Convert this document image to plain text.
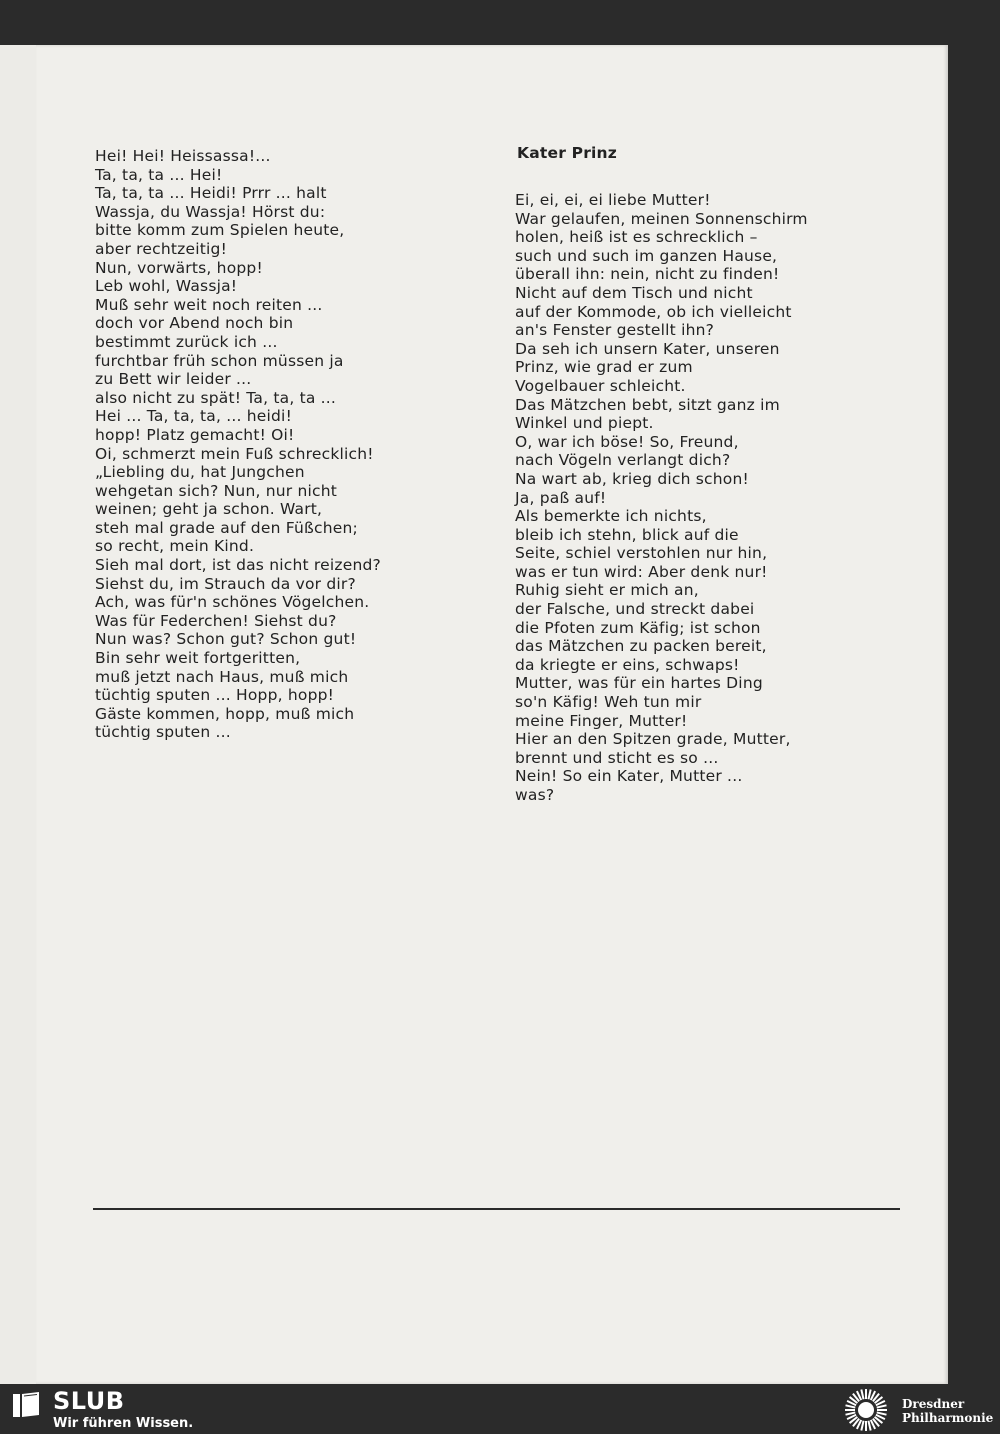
Hei! Hei! Heissassa!...
Ta, ta, ta ... Hei!
Ta, ta, ta ... Heidi! Prrr ... halt
Wassja, du Wassja! Hörst du:
bitte komm zum Spielen heute,
aber rechtzeitig!
Nun, vorwärts, hopp!
Leb wohl, Wassja!
Muß sehr weit noch reiten ...
doch vor Abend noch bin
bestimmt zurück ich ...
furchtbar früh schon müssen ja
zu Bett wir leider ...
also nicht zu spät! Ta, ta, ta ...
Hei ... Ta, ta, ta, ... heidi!
hopp! Platz gemacht! Oi!
Oi, schmerzt mein Fuß schrecklich!
„Liebling du, hat Jungchen
wehgetan sich? Nun, nur nicht
weinen; geht ja schon. Wart,
steh mal grade auf den Füßchen;
so recht, mein Kind.
Sieh mal dort, ist das nicht reizend?
Siehst du, im Strauch da vor dir?
Ach, was für'n schönes Vögelchen.
Was für Federchen! Siehst du?
Nun was? Schon gut? Schon gut!
Bin sehr weit fortgeritten,
muß jetzt nach Haus, muß mich
tüchtig sputen ... Hopp, hopp!
Gäste kommen, hopp, muß mich
tüchtig sputen ...
Kater Prinz
Ei, ei, ei, ei liebe Mutter!
War gelaufen, meinen Sonnenschirm
holen, heiß ist es schrecklich –
such und such im ganzen Hause,
überall ihn: nein, nicht zu finden!
Nicht auf dem Tisch und nicht
auf der Kommode, ob ich vielleicht
an's Fenster gestellt ihn?
Da seh ich unsern Kater, unseren
Prinz, wie grad er zum
Vogelbauer schleicht.
Das Mätzchen bebt, sitzt ganz im
Winkel und piept.
O, war ich böse! So, Freund,
nach Vögeln verlangt dich?
Na wart ab, krieg dich schon!
Ja, paß auf!
Als bemerkte ich nichts,
bleib ich stehn, blick auf die
Seite, schiel verstohlen nur hin,
was er tun wird: Aber denk nur!
Ruhig sieht er mich an,
der Falsche, und streckt dabei
die Pfoten zum Käfig; ist schon
das Mätzchen zu packen bereit,
da kriegte er eins, schwaps!
Mutter, was für ein hartes Ding
so'n Käfig! Weh tun mir
meine Finger, Mutter!
Hier an den Spitzen grade, Mutter,
brennt und sticht es so ...
Nein! So ein Kater, Mutter ...
was?
SLUB
Wir führen Wissen.
Dresdner
Philharmonie
